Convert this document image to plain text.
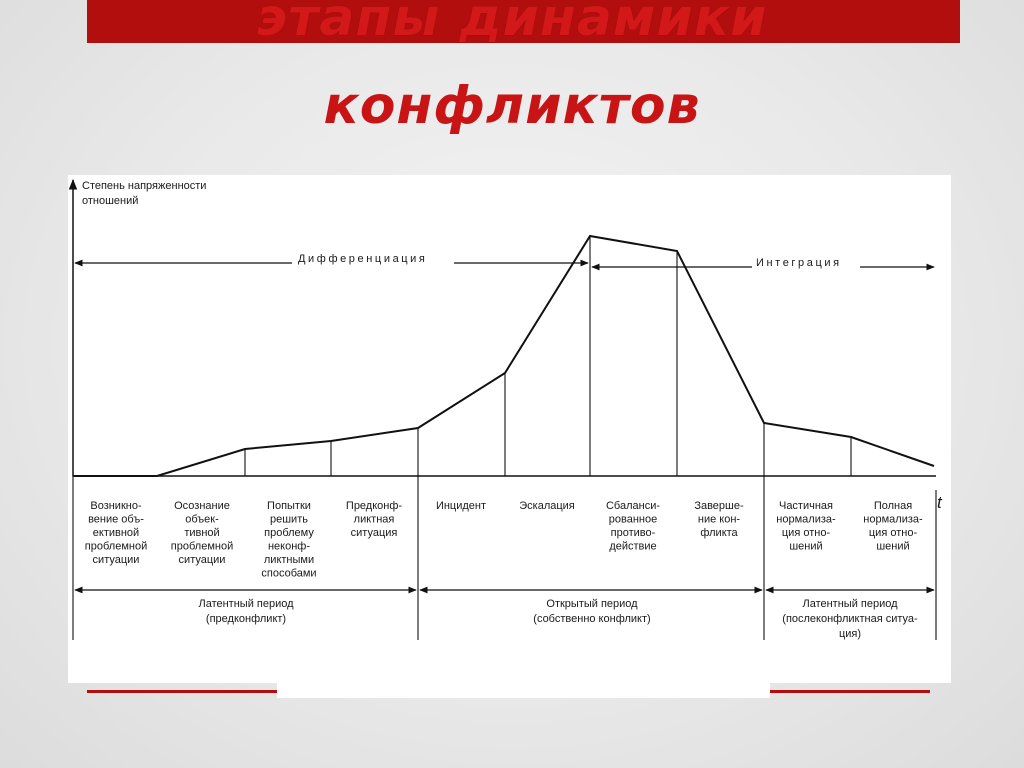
этапы динамики
конфликтов
Степень напряженности
отношений
t
Дифференциация	Интеграция
Возникно-вение объ-ективной проблемной ситуации
Осознание объек-тивной проблемной ситуации
Попытки решить проблему неконф-ликтными способами
Предконф-ликтная ситуация
Инцидент	Эскалация	Сбаланси-рованное противо-действие
Заверше-ние кон-фликта
Частичная нормализа-ция отно-шений
Полная нормализа-ция отно-шений
Латентный период (предконфликт)
Открытый период (собственно конфликт)
Латентный период (послеконфликтная ситуа-ция)
